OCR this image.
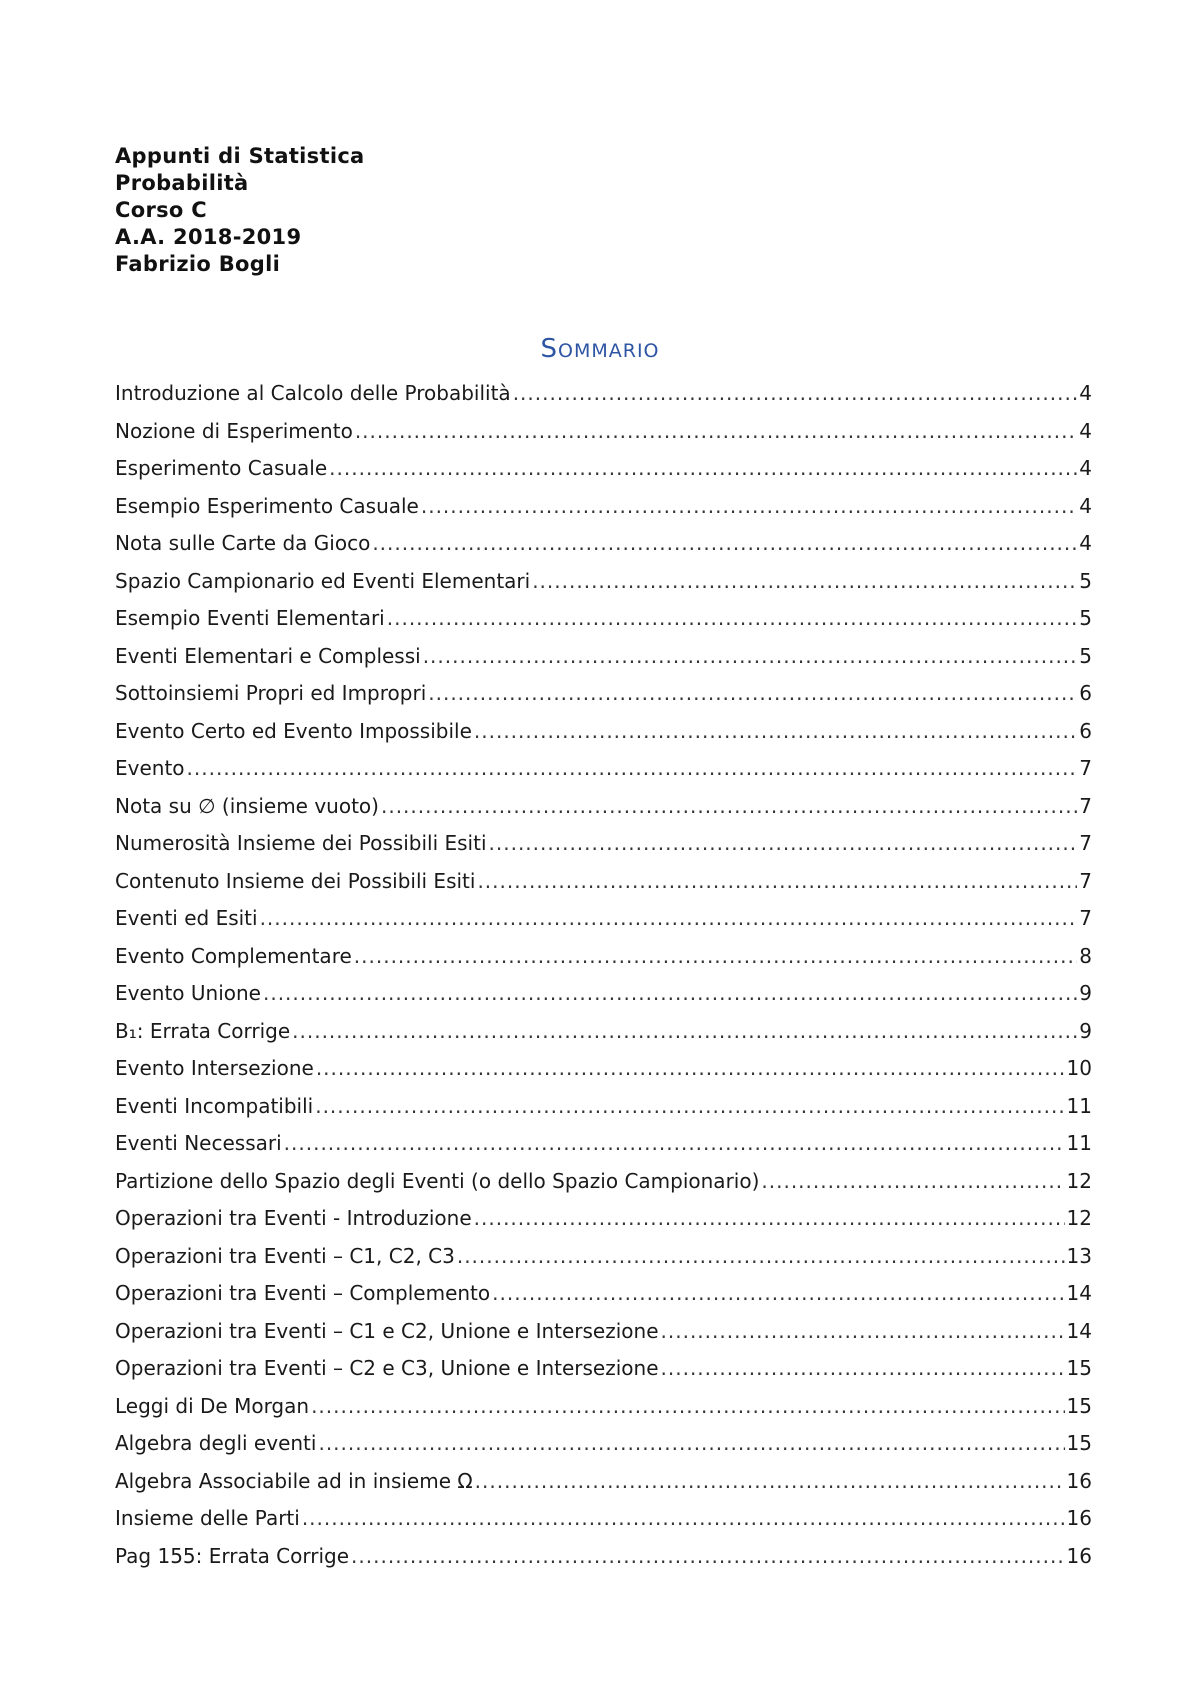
Appunti di Statistica
Probabilità
Corso C
A.A. 2018-2019
Fabrizio Bogli
SOMMARIO
Introduzione al Calcolo delle Probabilità .....	4
Nozione di Esperimento .....	4
Esperimento Casuale .....	4
Esempio Esperimento Casuale .....	4
Nota sulle Carte da Gioco .....	4
Spazio Campionario ed Eventi Elementari .....	5
Esempio Eventi Elementari .....	5
Eventi Elementari e Complessi .....	5
Sottoinsiemi Propri ed Impropri .....	6
Evento Certo ed Evento Impossibile .....	6
Evento .....	7
Nota su ∅ (insieme vuoto) .....	7
Numerosità Insieme dei Possibili Esiti .....	7
Contenuto Insieme dei Possibili Esiti .....	7
Eventi ed Esiti .....	7
Evento Complementare .....	8
Evento Unione .....	9
B₁: Errata Corrige .....	9
Evento Intersezione .....	10
Eventi Incompatibili .....	11
Eventi Necessari .....	11
Partizione dello Spazio degli Eventi (o dello Spazio Campionario) .....	12
Operazioni tra Eventi - Introduzione .....	12
Operazioni tra Eventi – C1, C2, C3 .....	13
Operazioni tra Eventi – Complemento .....	14
Operazioni tra Eventi – C1 e C2, Unione e Intersezione .....	14
Operazioni tra Eventi – C2 e C3, Unione e Intersezione .....	15
Leggi di De Morgan .....	15
Algebra degli eventi .....	15
Algebra Associabile ad in insieme Ω .....	16
Insieme delle Parti .....	16
Pag 155: Errata Corrige .....	16
